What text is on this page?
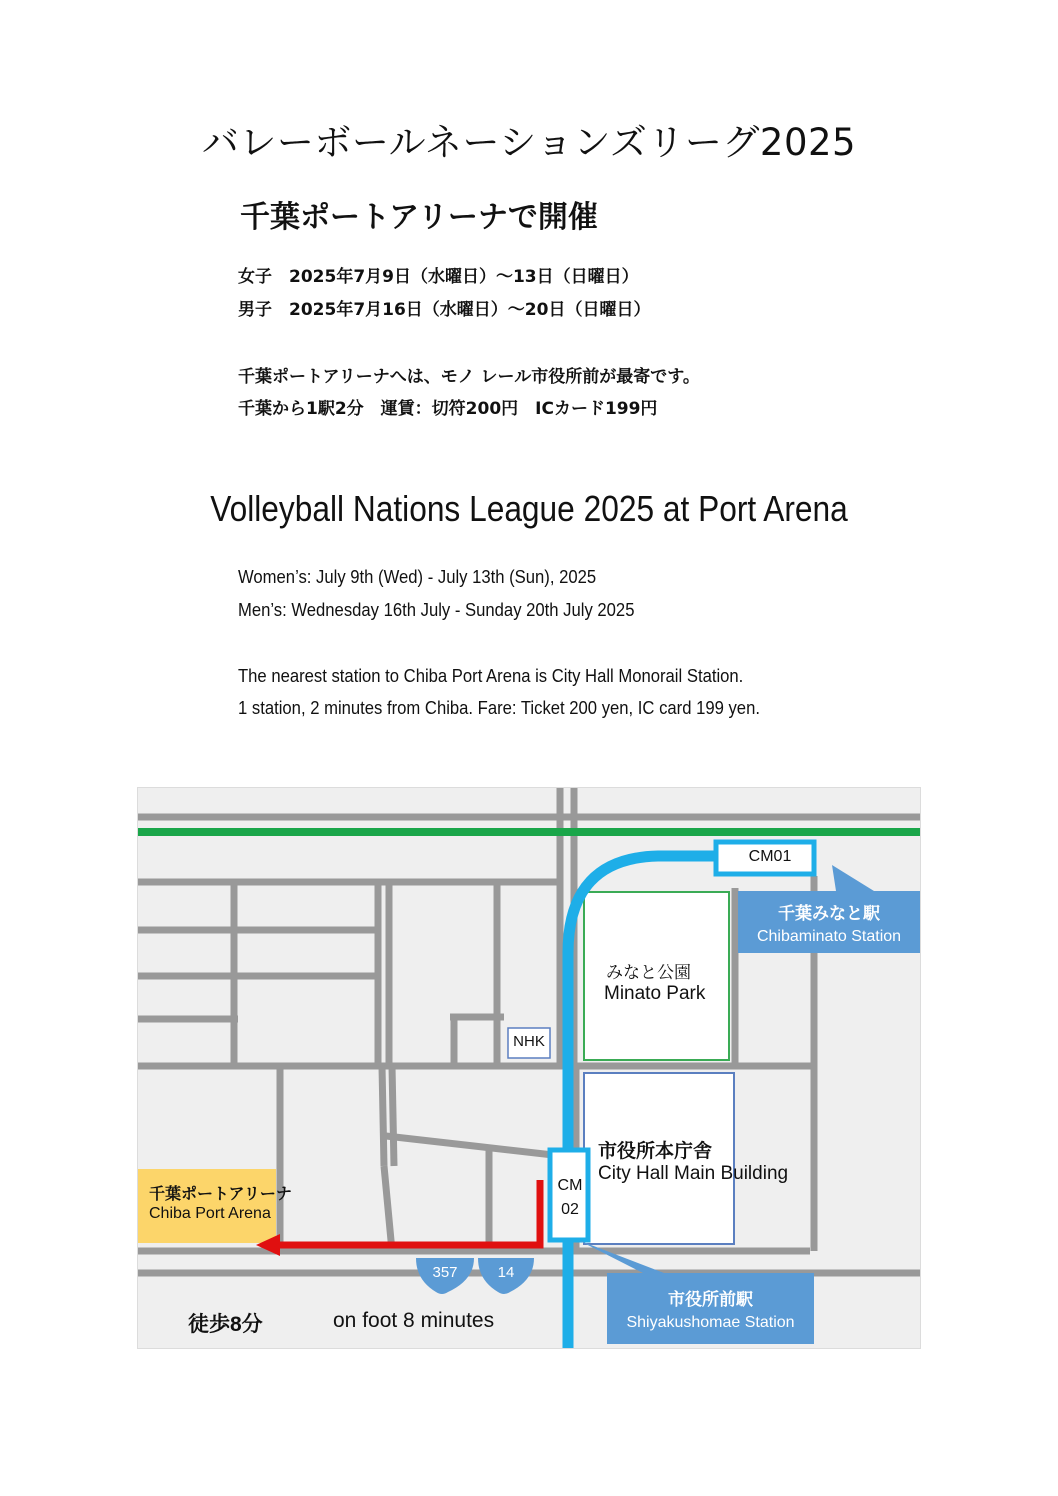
バレーボールネーションズリーグ2025
千葉ポートアリーナで開催
女子　2025年7月9日（水曜日）～13日（日曜日）
男子　2025年7月16日（水曜日）～20日（日曜日）
千葉ポートアリーナへは、モノ レール市役所前が最寄です。
千葉から1駅2分　運賃：切符200円　ICカード199円
Volleyball Nations League 2025 at Port Arena
Women’s: July 9th (Wed) - July 13th (Sun), 2025
Men’s: Wednesday 16th July - Sunday 20th July 2025
The nearest station to Chiba Port Arena is City Hall Monorail Station.
1 station, 2 minutes from Chiba. Fare: Ticket 200 yen, IC card 199 yen.
CM01
千葉みなと駅
Chibaminato Station
みなと公園
Minato Park
NHK
市役所本庁舎
City Hall Main Building
CM
02
千葉ポートアリーナ
Chiba Port Arena
357	14
市役所前駅
Shiyakushomae Station
徒歩8分	on foot 8 minutes
